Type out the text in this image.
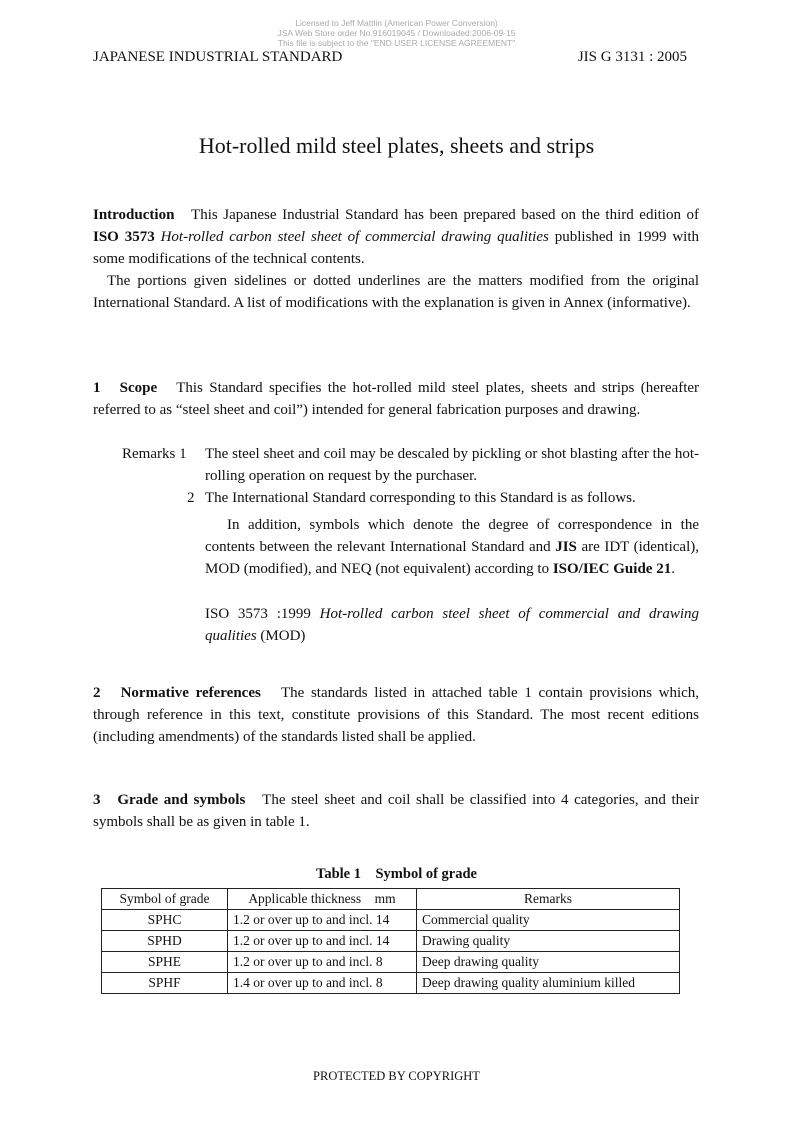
Licensed to Jeff Mattlin (American Power Conversion)
JSA Web Store order No.916019045 / Downloaded:2006-09-15
This file is subject to the "END USER LICENSE AGREEMENT"
JAPANESE INDUSTRIAL STANDARD	JIS G 3131 : 2005
Hot-rolled mild steel plates, sheets and strips
Introduction This Japanese Industrial Standard has been prepared based on the third edition of ISO 3573 Hot-rolled carbon steel sheet of commercial drawing qualities published in 1999 with some modifications of the technical contents.
The portions given sidelines or dotted underlines are the matters modified from the original International Standard. A list of modifications with the explanation is given in Annex (informative).
1 Scope This Standard specifies the hot-rolled mild steel plates, sheets and strips (hereafter referred to as “steel sheet and coil”) intended for general fabrication purposes and drawing.
Remarks 1	The steel sheet and coil may be descaled by pickling or shot blasting after the hot-rolling operation on request by the purchaser.
2 The International Standard corresponding to this Standard is as follows.
In addition, symbols which denote the degree of correspondence in the contents between the relevant International Standard and JIS are IDT (identical), MOD (modified), and NEQ (not equivalent) according to ISO/IEC Guide 21.
ISO 3573 :1999 Hot-rolled carbon steel sheet of commercial and drawing qualities (MOD)
2 Normative references The standards listed in attached table 1 contain provisions which, through reference in this text, constitute provisions of this Standard. The most recent editions (including amendments) of the standards listed shall be applied.
3 Grade and symbols The steel sheet and coil shall be classified into 4 categories, and their symbols shall be as given in table 1.
Table 1    Symbol of grade
Symbol of grade	Applicable thickness    mm	Remarks
SPHC	1.2 or over up to and incl. 14	Commercial quality
SPHD	1.2 or over up to and incl. 14	Drawing quality
SPHE	1.2 or over up to and incl. 8	Deep drawing quality
SPHF	1.4 or over up to and incl. 8	Deep drawing quality aluminium killed
PROTECTED BY COPYRIGHT
